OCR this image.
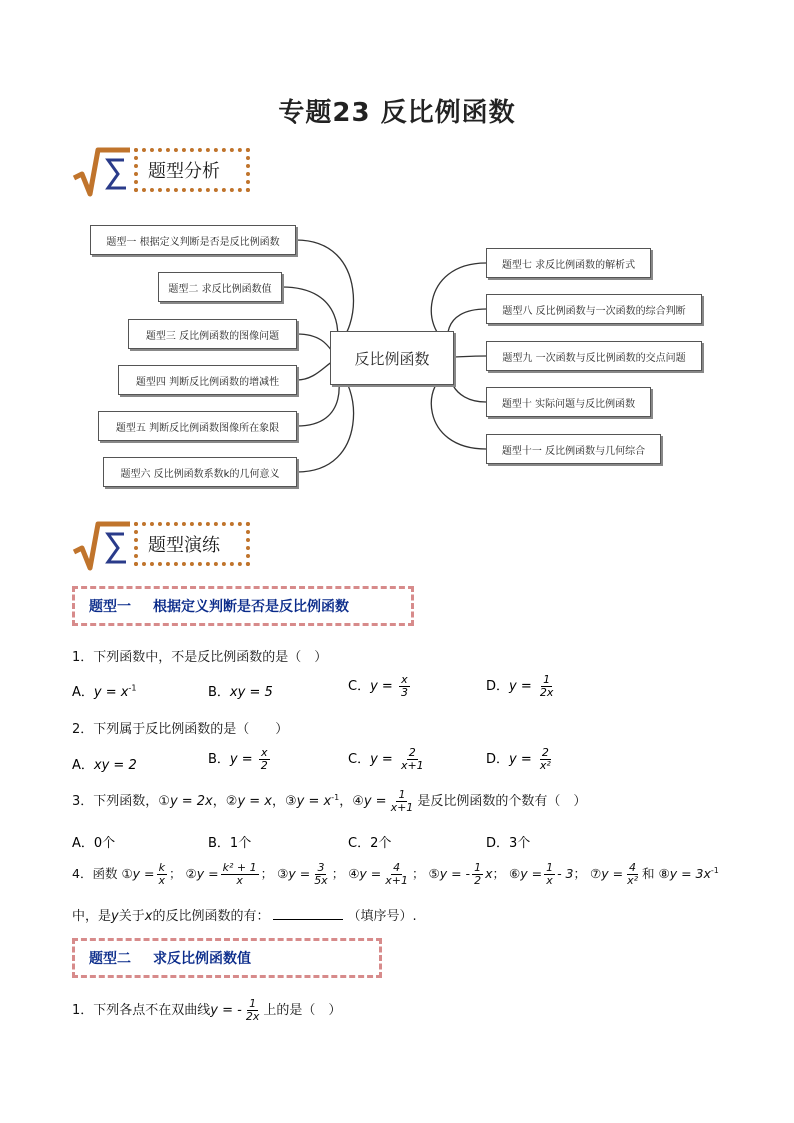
专题23 反比例函数
题型分析
反比例函数
题型一 根据定义判断是否是反比例函数
题型二 求反比例函数值
题型三 反比例函数的图像问题
题型四 判断反比例函数的增减性
题型五 判断反比例函数图像所在象限
题型六 反比例函数系数k的几何意义
题型七 求反比例函数的解析式
题型八 反比例函数与一次函数的综合判断
题型九 一次函数与反比例函数的交点问题
题型十 实际问题与反比例函数
题型十一 反比例函数与几何综合
题型演练
题型一 根据定义判断是否是反比例函数
1．下列函数中，不是反比例函数的是（　）
A．$y = x^{-1}$	B．xy = 5	C．$y = \frac{x}{3}$	D．$y = \frac{1}{2x}$
2．下列属于反比例函数的是（　　）
A．xy = 2	B．$y = \frac{x}{2}$	C．$y = \frac{2}{x+1}$	D．$y = \frac{2}{\text{x²}}$
3．下列函数，①y = 2x，②y = x，③y = $x^{-1}$，④y = $\frac{1}{x+1}$ 是反比例函数的个数有（　）
A．0个	B．1个	C．2个	D．3个
4．函数 ①y = $\frac{k}{x}$ ； ②y = $\frac{\text{k² + 1}}{x}$ ； ③y = $\frac{3}{5x}$ ； ④y = $\frac{4}{x+1}$ ； ⑤y = - $\frac{1}{2}$ x； ⑥y = $\frac{1}{x} - 3$； ⑦y = $\frac{4}{\text{x²}}$ 和 ⑧y = $3x^{-1}$
中，是y关于x的反比例函数的有：	（填序号）.
题型二 求反比例函数值
1．下列各点不在双曲线y = - $\frac{1}{2x}$ 上的是（　）
